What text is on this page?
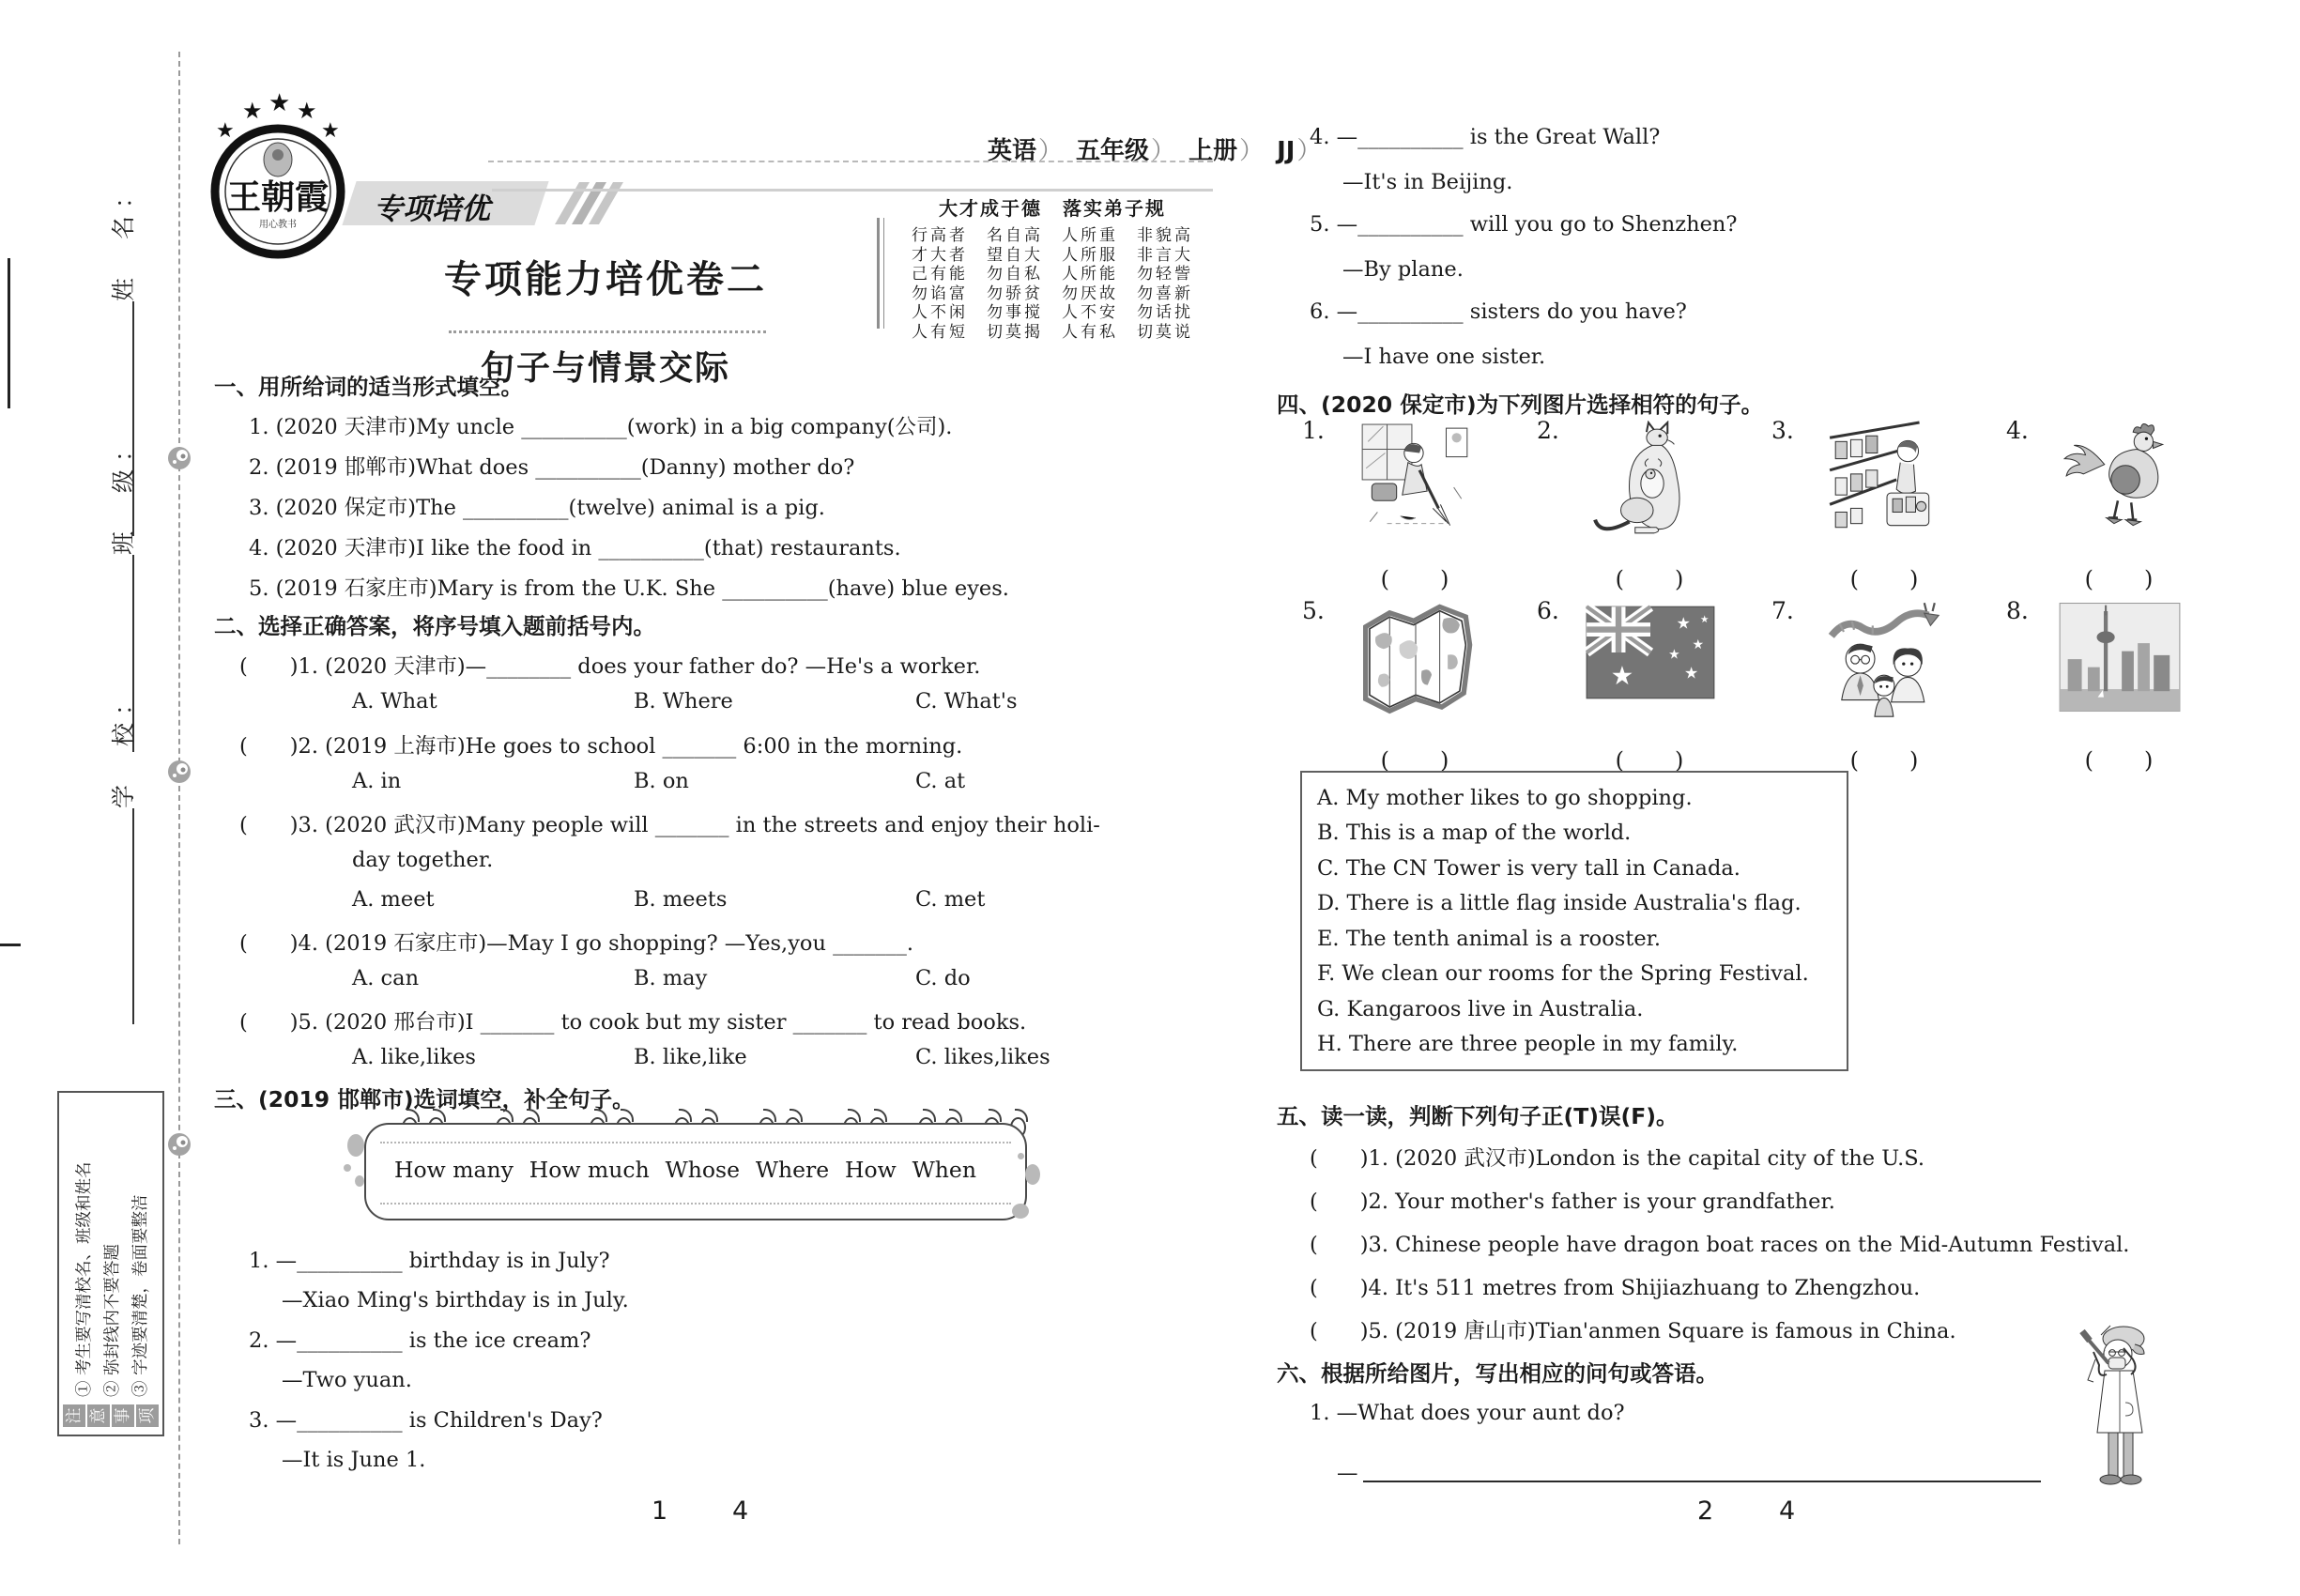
姓　名：
班　级：
学　校：
注 意 事 项
① 考生要写清校名、班级和姓名 ② 弥封线内不要答题 ③ 字迹要清楚，卷面要整洁
★
★ ★ ★
★
王朝霞
用心教书	专项培优
英语） 五年级） 上册） JJ）
专项能力培优卷二
句子与情景交际
大才成于德　落实弟子规
行高者　名自高　人所重　非貌高
才大者　望自大　人所服　非言大
己有能　勿自私　人所能　勿轻訾
勿谄富　勿骄贫　勿厌故　勿喜新
人不闲　勿事搅　人不安　勿话扰
人有短　切莫揭　人有私　切莫说
一、用所给词的适当形式填空。
1. (2020 天津市)My uncle __________(work) in a big company(公司).
2. (2019 邯郸市)What does __________(Danny) mother do?
3. (2020 保定市)The __________(twelve) animal is a pig.
4. (2020 天津市)I like the food in __________(that) restaurants.
5. (2019 石家庄市)Mary is from the U.K. She __________(have) blue eyes.
二、选择正确答案，将序号填入题前括号内。
(　　)1. (2020 天津市)—________ does your father do? —He's a worker.
A. What	B. Where	C. What's
(　　)2. (2019 上海市)He goes to school _______ 6:00 in the morning.
A. in	B. on	C. at
(　　)3. (2020 武汉市)Many people will _______ in the streets and enjoy their holi-
day together.
A. meet	B. meets	C. met
(　　)4. (2019 石家庄市)—May I go shopping? —Yes,you _______.
A. can	B. may	C. do
(　　)5. (2020 邢台市)I _______ to cook but my sister _______ to read books.
A. like,likes	B. like,like	C. likes,likes
三、(2019 邯郸市)选词填空，补全句子。
How many How much Whose Where How When
1. —__________ birthday is in July?
—Xiao Ming's birthday is in July.
2. —__________ is the ice cream?
—Two yuan.
3. —__________ is Children's Day?
—It is June 1.
1	4
4. —__________ is the Great Wall?
—It's in Beijing.
5. —__________ will you go to Shenzhen?
—By plane.
6. —__________ sisters do you have?
—I have one sister.
四、(2020 保定市)为下列图片选择相符的句子。
1.	2.	3.	4.
(　　)	(　　)	(　　)	(　　)
5.	6.
★
★
★
★
★
★	7.	8.
(　　)	(　　)	(　　)	(　　)
A. My mother likes to go shopping.
B. This is a map of the world.
C. The CN Tower is very tall in Canada.
D. There is a little flag inside Australia's flag.
E. The tenth animal is a rooster.
F. We clean our rooms for the Spring Festival.
G. Kangaroos live in Australia.
H. There are three people in my family.
五、读一读，判断下列句子正(T)误(F)。
(　　)1. (2020 武汉市)London is the capital city of the U.S.
(　　)2. Your mother's father is your grandfather.
(　　)3. Chinese people have dragon boat races on the Mid-Autumn Festival.
(　　)4. It's 511 metres from Shijiazhuang to Zhengzhou.
(　　)5. (2019 唐山市)Tian'anmen Square is famous in China.
六、根据所给图片，写出相应的问句或答语。
1. —What does your aunt do?
—
2	4
